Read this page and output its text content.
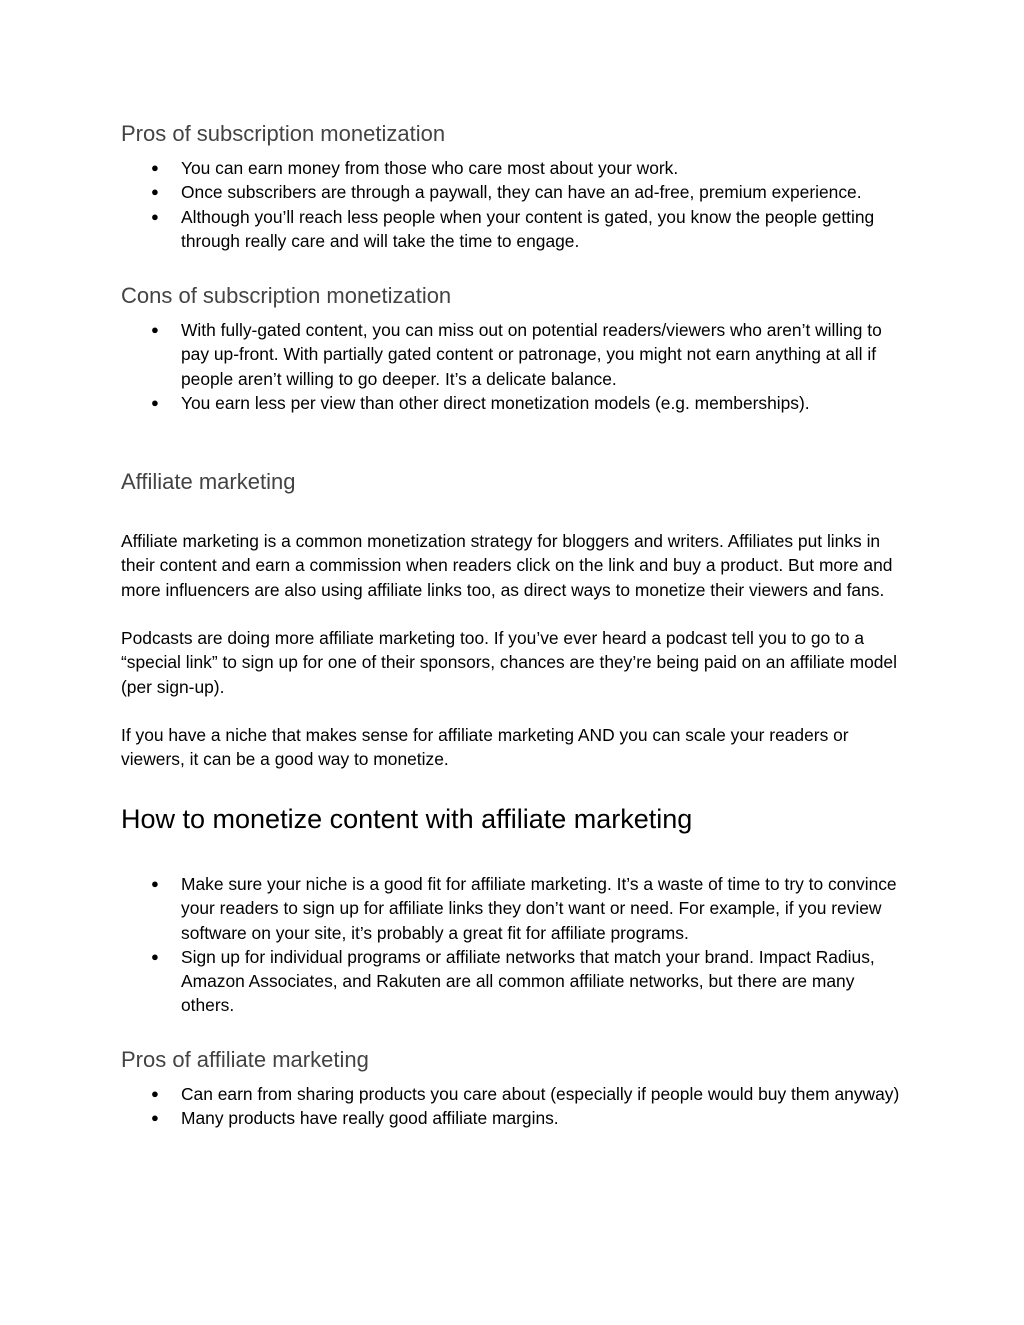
Pros of subscription monetization
● You can earn money from those who care most about your work.
● Once subscribers are through a paywall, they can have an ad-free, premium experience.
● Although you’ll reach less people when your content is gated, you know the people getting through really care and will take the time to engage.
Cons of subscription monetization
● With fully-gated content, you can miss out on potential readers/viewers who aren’t willing to pay up-front. With partially gated content or patronage, you might not earn anything at all if people aren’t willing to go deeper. It’s a delicate balance.
● You earn less per view than other direct monetization models (e.g. memberships).
Affiliate marketing

Affiliate marketing is a common monetization strategy for bloggers and writers. Affiliates put links in their content and earn a commission when readers click on the link and buy a product. But more and more influencers are also using affiliate links too, as direct ways to monetize their viewers and fans.

Podcasts are doing more affiliate marketing too. If you’ve ever heard a podcast tell you to go to a “special link” to sign up for one of their sponsors, chances are they’re being paid on an affiliate model (per sign-up).

If you have a niche that makes sense for affiliate marketing AND you can scale your readers or viewers, it can be a good way to monetize.

How to monetize content with affiliate marketing
● Make sure your niche is a good fit for affiliate marketing. It’s a waste of time to try to convince your readers to sign up for affiliate links they don’t want or need. For example, if you review software on your site, it’s probably a great fit for affiliate programs.
● Sign up for individual programs or affiliate networks that match your brand. Impact Radius, Amazon Associates, and Rakuten are all common affiliate networks, but there are many others.
Pros of affiliate marketing
● Can earn from sharing products you care about (especially if people would buy them anyway)
● Many products have really good affiliate margins.
